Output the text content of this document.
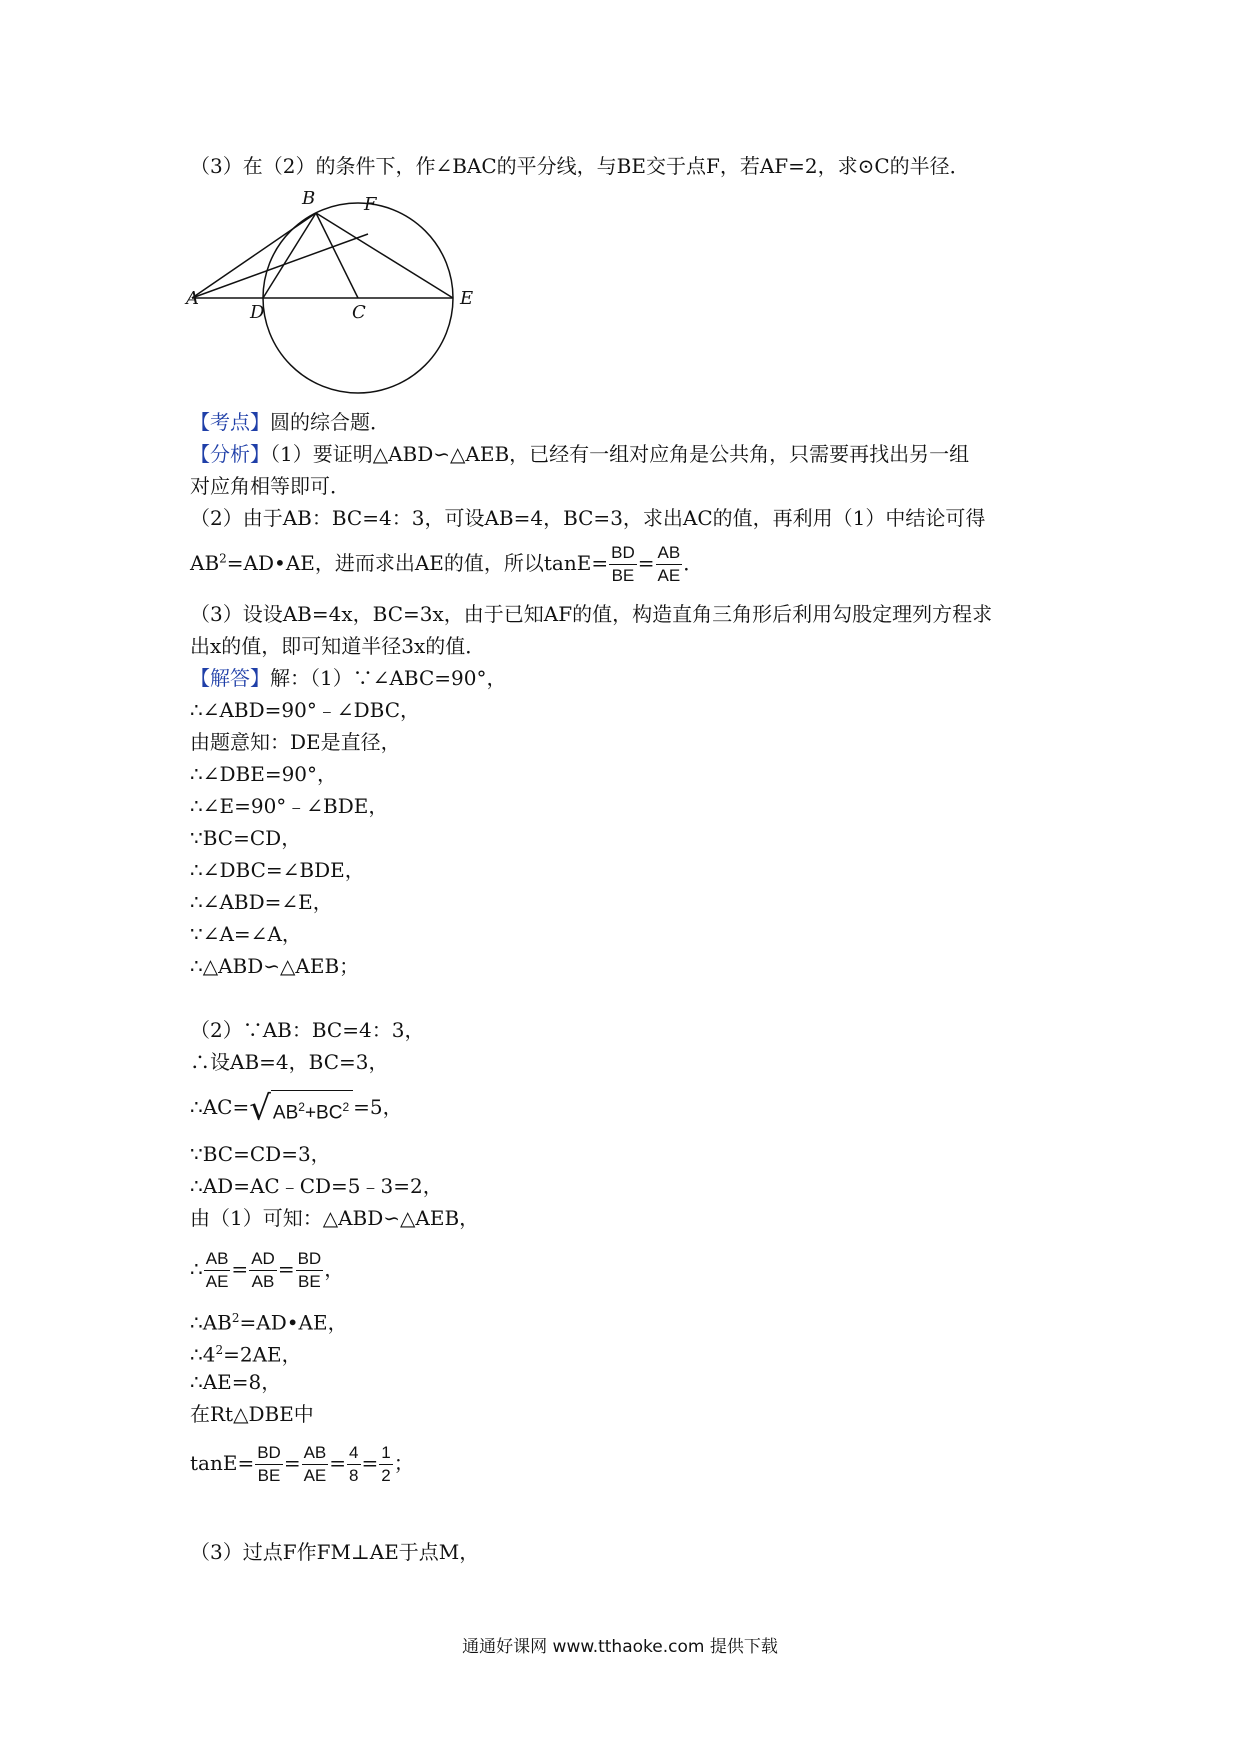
（3）在（2）的条件下，作∠BAC的平分线，与BE交于点F，若AF=2，求⊙C的半径．
A
B	F
D	C
E
【考点】圆的综合题．
【分析】（1）要证明△ABD∽△AEB，已经有一组对应角是公共角，只需要再找出另一组
对应角相等即可．
（2）由于AB：BC=4：3，可设AB=4，BC=3，求出AC的值，再利用（1）中结论可得
$AB^2=AD•AE$，进而求出AE的值，所以$\tan E= \frac{BD}{BE} = \frac{AB}{AE}$ ．
（3）设设AB=4x，BC=3x，由于已知AF的值，构造直角三角形后利用勾股定理列方程求
出x的值，即可知道半径3x的值．
【解答】解：（1）∵∠ABC=90°，
∴∠ABD=90°﹣∠DBC，
由题意知：DE是直径，
∴∠DBE=90°，
∴∠E=90°﹣∠BDE，
∵BC=CD，
∴∠DBC=∠BDE，
∴∠ABD=∠E，
∵∠A=∠A，
∴△ABD∽△AEB；
（2）∵AB：BC=4：3，
∴设AB=4，BC=3，
∴AC=√ $AB^2+BC^2 =5$，
∵BC=CD=3，
∴AD=AC﹣CD=5﹣3=2，
由（1）可知：△ABD∽△AEB，
∴ $\frac{AB}{AE} = \frac{AD}{AB} = \frac{BD}{BE}$ ，
$\therefore AB^2=AD•AE$，
$\therefore 4^2=2AE$，
∴AE=8，
在Rt△DBE中
$\tan E= \frac{BD}{BE} = \frac{AB}{AE} = \frac{4}{8} = \frac{1}{2}$ ；
（3）过点F作FM⊥AE于点M，
通通好课网 www.tthaoke.com 提供下载
